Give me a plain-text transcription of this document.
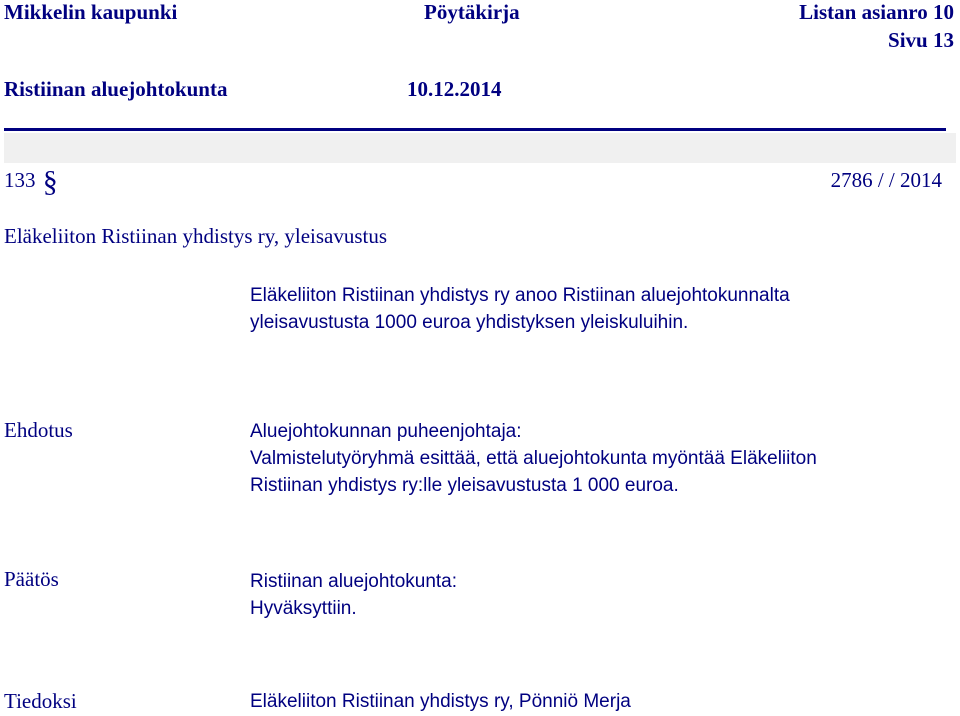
Mikkelin kaupunki	Pöytäkirja	Listan asianro 10
Sivu 13
Ristiinan aluejohtokunta	10.12.2014
133 §	2786 / / 2014
Eläkeliiton Ristiinan yhdistys ry, yleisavustus
Eläkeliiton Ristiinan yhdistys ry anoo Ristiinan aluejohtokunnalta
yleisavustusta 1000 euroa yhdistyksen yleiskuluihin.
Ehdotus	Aluejohtokunnan puheenjohtaja:
Valmistelutyöryhmä esittää, että aluejohtokunta myöntää Eläkeliiton
Ristiinan yhdistys ry:lle yleisavustusta 1 000 euroa.
Päätös	Ristiinan aluejohtokunta:
Hyväksyttiin.
Tiedoksi	Eläkeliiton Ristiinan yhdistys ry, Pönniö Merja
